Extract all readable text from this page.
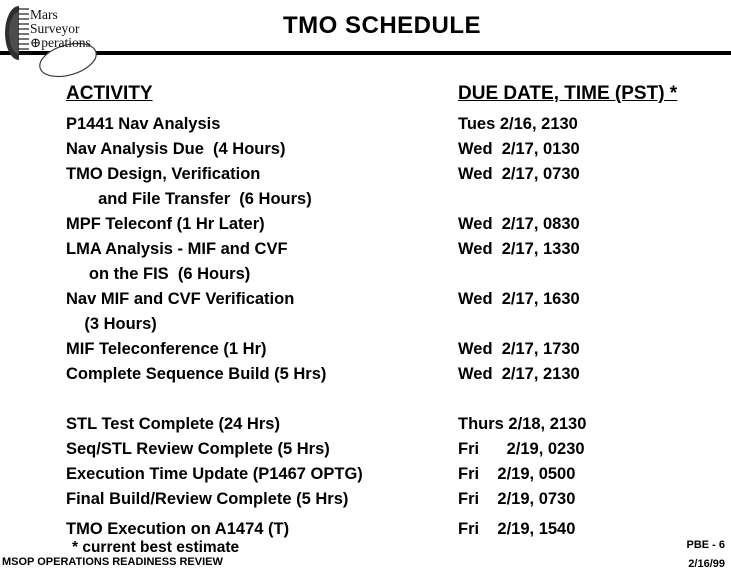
Mars
Surveyor
⊕perations
TMO SCHEDULE
ACTIVITY	DUE DATE, TIME (PST) *
P1441 Nav Analysis	Tues 2/16, 2130
Nav Analysis Due  (4 Hours)	Wed  2/17, 0130
TMO Design, Verification	Wed  2/17, 0730
and File Transfer  (6 Hours)
MPF Teleconf (1 Hr Later)	Wed  2/17, 0830
LMA Analysis - MIF and CVF	Wed  2/17, 1330
on the FIS  (6 Hours)
Nav MIF and CVF Verification	Wed  2/17, 1630
(3 Hours)
MIF Teleconference (1 Hr)	Wed  2/17, 1730
Complete Sequence Build (5 Hrs)	Wed  2/17, 2130
STL Test Complete (24 Hrs)	Thurs 2/18, 2130
Seq/STL Review Complete (5 Hrs)	Fri      2/19, 0230
Execution Time Update (P1467 OPTG)	Fri    2/19, 0500
Final Build/Review Complete (5 Hrs)	Fri    2/19, 0730
TMO Execution on A1474 (T)	Fri    2/19, 1540
* current best estimate
MSOP OPERATIONS READINESS REVIEW
PBE - 6
2/16/99
